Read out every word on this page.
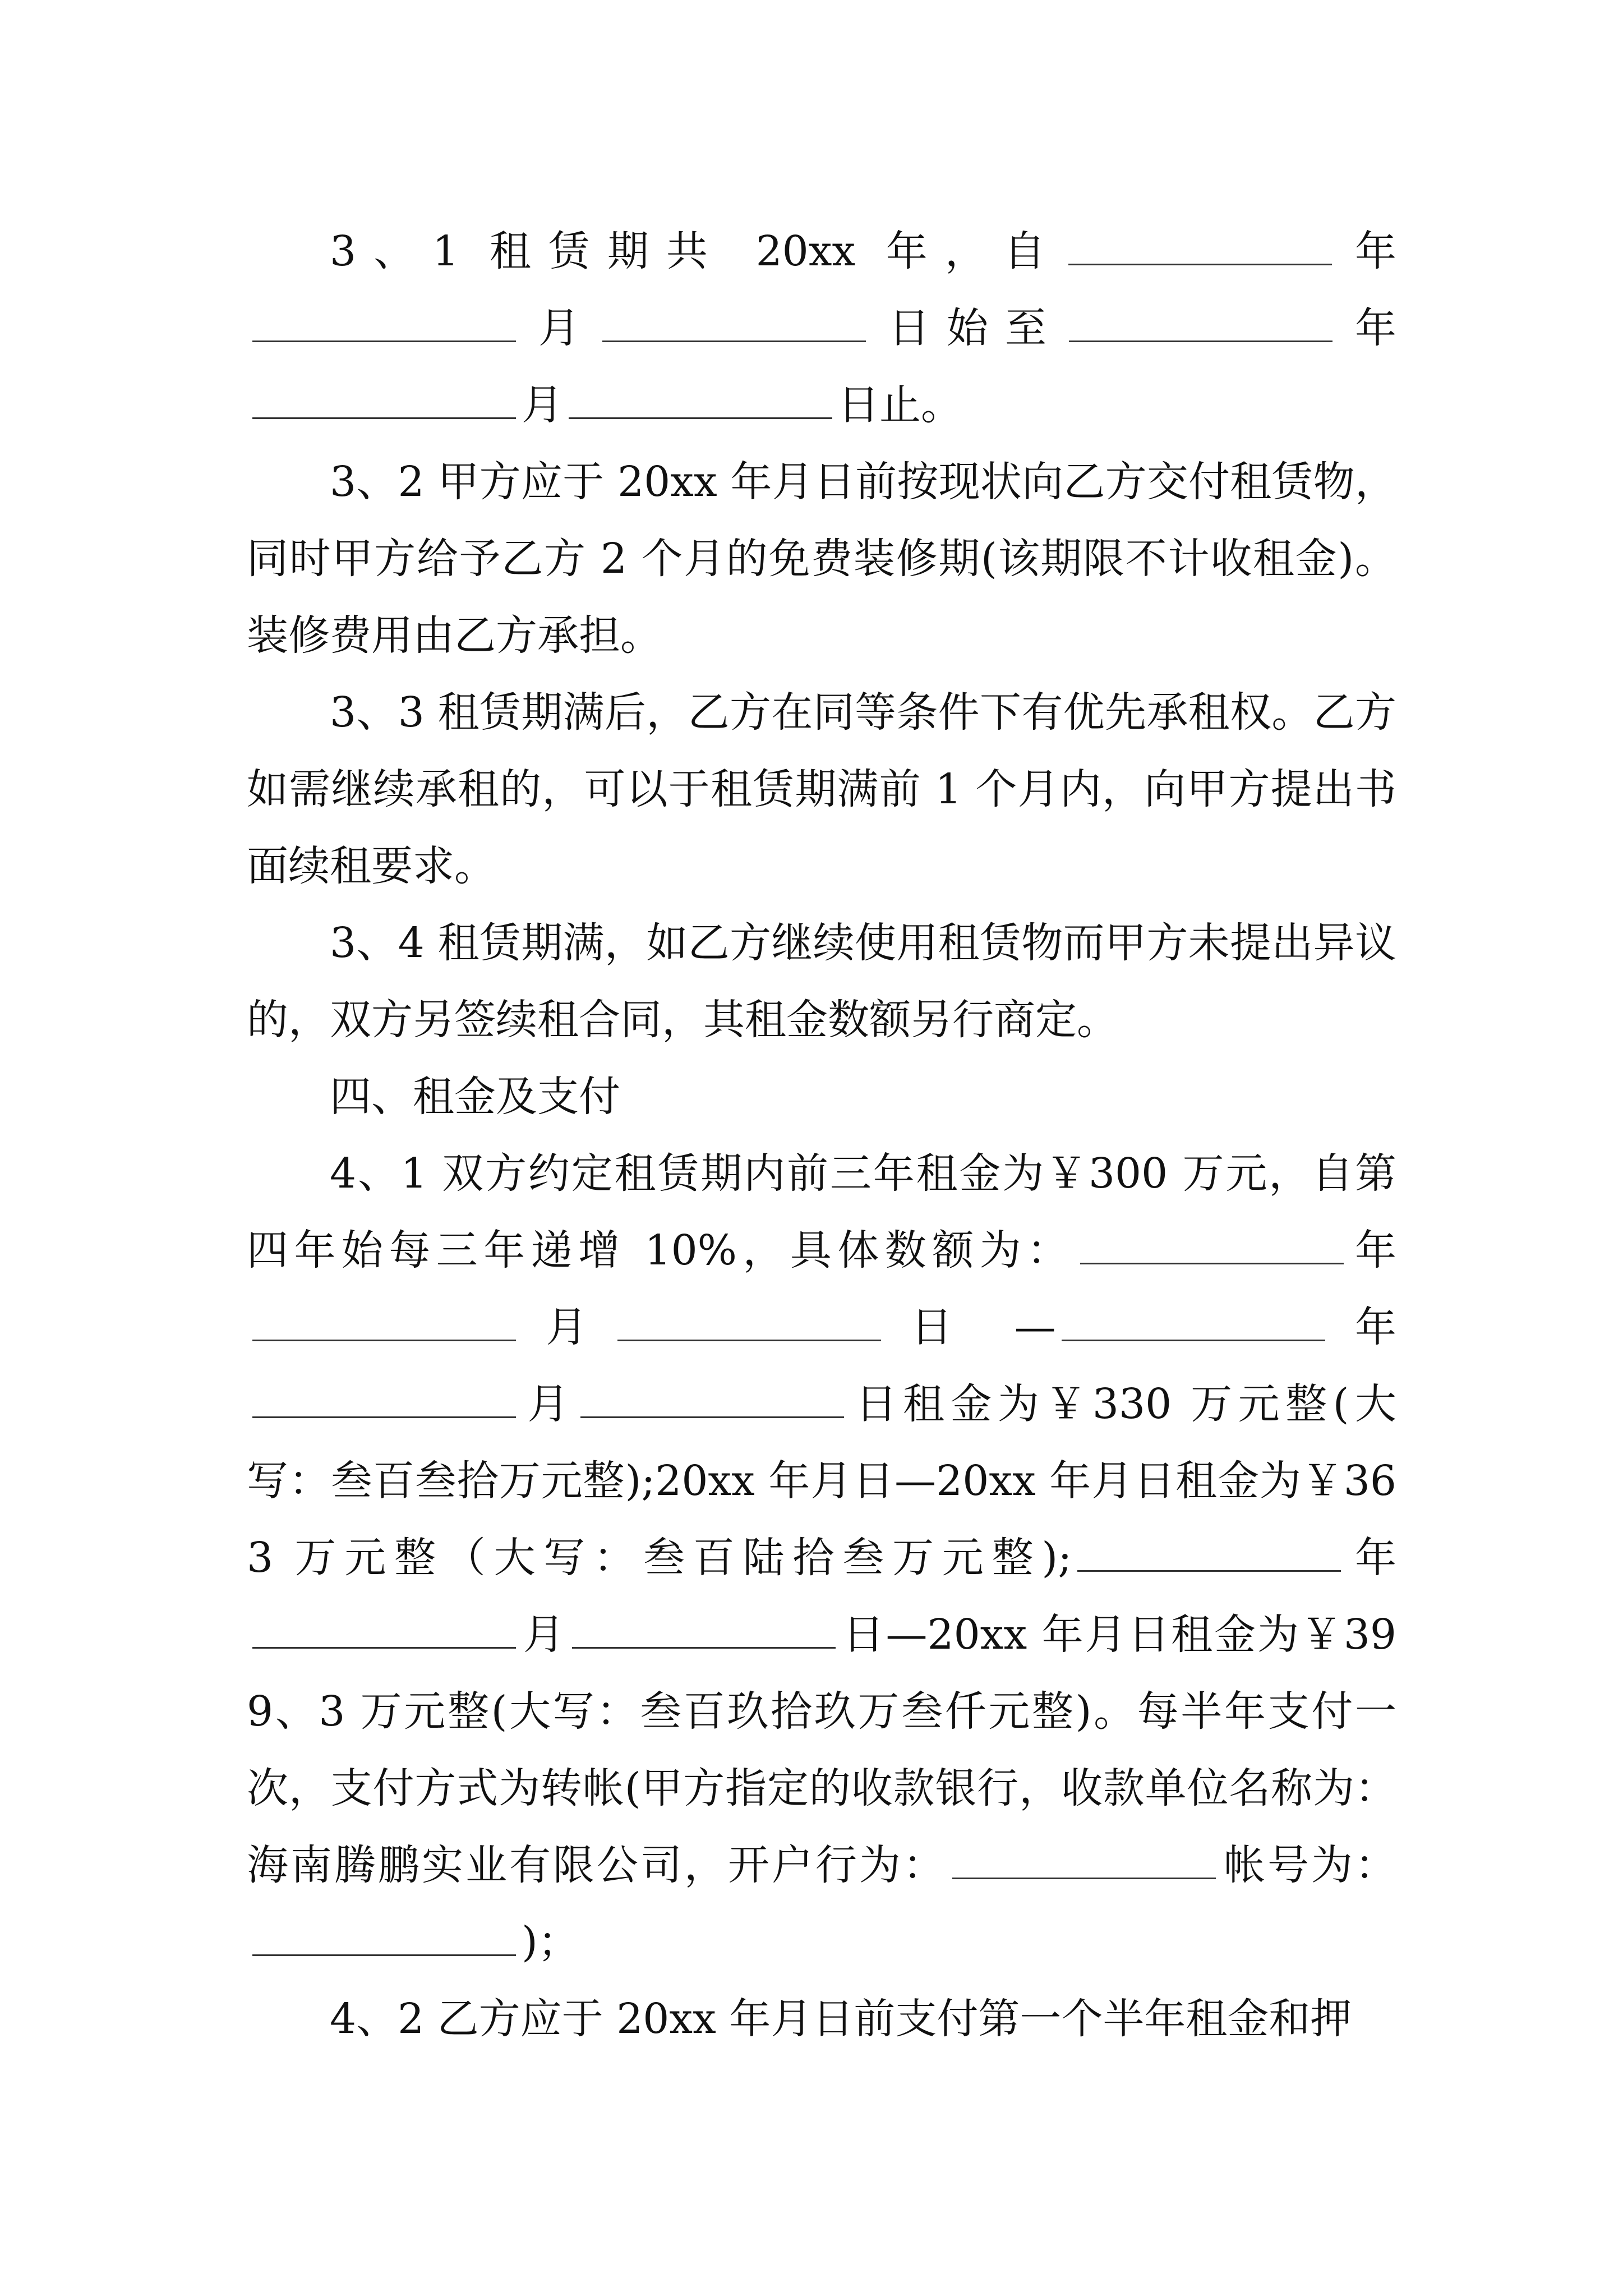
3、1 租赁期共 20xx 年，自	年月	日始至	年月	日止。

3、2 甲方应于 20xx 年月日前按现状向乙方交付租赁物，同时甲方给予乙方 2 个月的免费装修期(该期限不计收租金)。装修费用由乙方承担。

3、3 租赁期满后，乙方在同等条件下有优先承租权。乙方如需继续承租的，可以于租赁期满前 1 个月内，向甲方提出书面续租要求。

3、4 租赁期满，如乙方继续使用租赁物而甲方未提出异议的，双方另签续租合同，其租金数额另行商定。

四、租金及支付

4、1 双方约定租赁期内前三年租金为￥300 万元，自第四年始每三年递增 10%，具体数额为：	年月	日 —	年月	日租金为￥330 万元整(大写：叁百叁拾万元整);20xx 年月日—20xx 年月日租金为￥363 万元整（大写：叁百陆拾叁万元整);	年月	日—20xx 年月日租金为￥399、3 万元整(大写：叁百玖拾玖万叁仟元整)。每半年支付一次，支付方式为转帐(甲方指定的收款银行，收款单位名称为：海南腾鹏实业有限公司，开户行为：	帐号为：)；

4、2 乙方应于 20xx 年月日前支付第一个半年租金和押
